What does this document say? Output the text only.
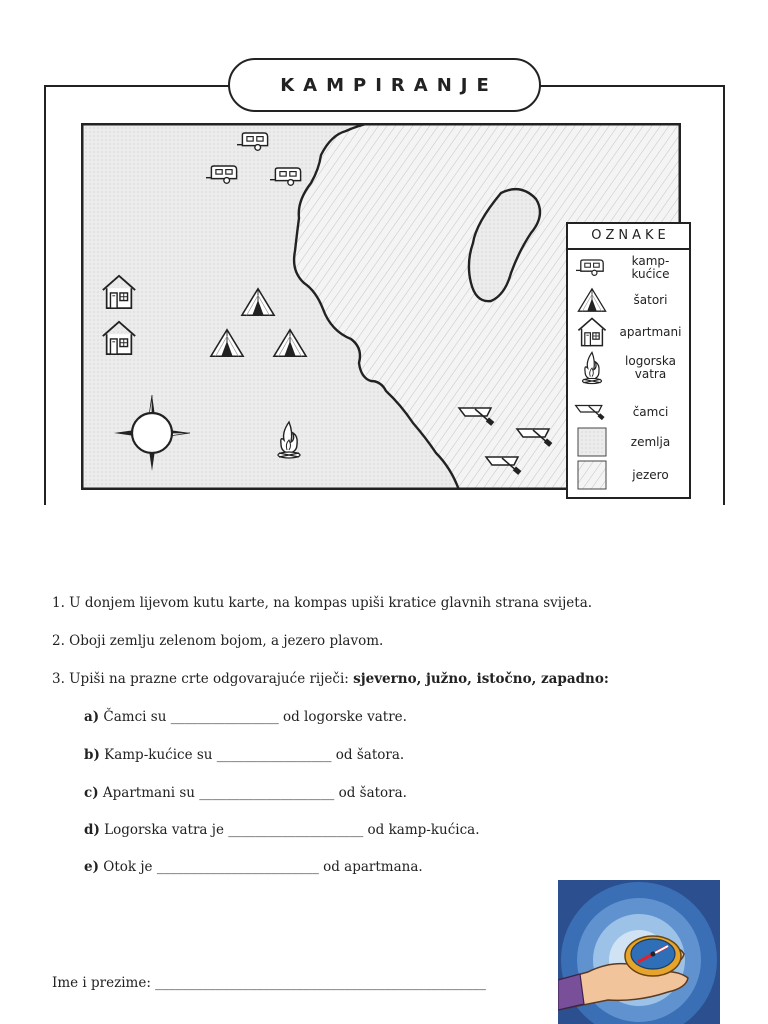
KAMPIRANJE
OZNAKE
kamp-
kućice
šatori
apartmani
logorska
vatra
čamci
zemlja
jezero
1. U donjem lijevom kutu karte, na kompas upiši kratice glavnih strana svijeta.
2. Oboji zemlju zelenom bojom, a jezero plavom.
3. Upiši na prazne crte odgovarajuće riječi: sjeverno, južno, istočno, zapadno:
a) Čamci su ________________ od logorske vatre.
b) Kamp-kućice su _________________ od šatora.
c) Apartmani su ____________________ od šatora.
d) Logorska vatra je ____________________ od kamp-kućica.
e) Otok je ________________________ od apartmana.
Ime i prezime: _________________________________________________
